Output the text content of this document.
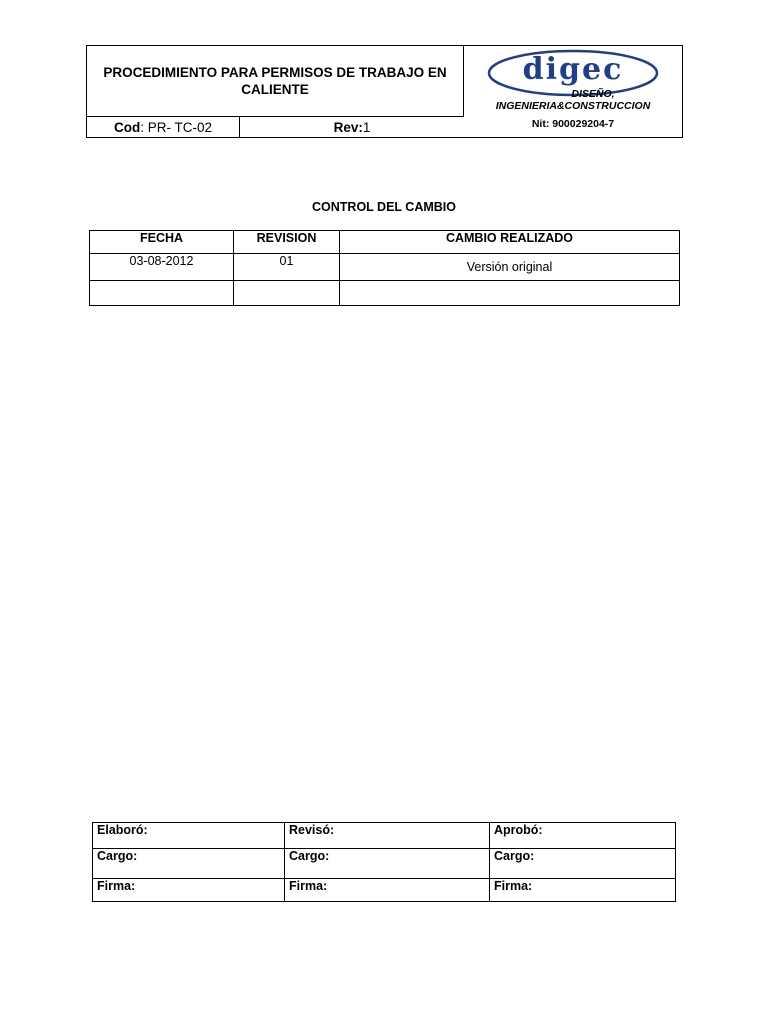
PROCEDIMIENTO PARA PERMISOS DE TRABAJO EN CALIENTE
Cod : PR- TC-02	Rev: 1
digec
DISEÑO,
INGENIERIA&CONSTRUCCION
Nit: 900029204-7
CONTROL DEL CAMBIO
FECHA	REVISION	CAMBIO REALIZADO
03-08-2012	01	Versión original

Elaboró:	Revisó:	Aprobó:
Cargo:	Cargo:	Cargo:
Firma:	Firma:	Firma:
